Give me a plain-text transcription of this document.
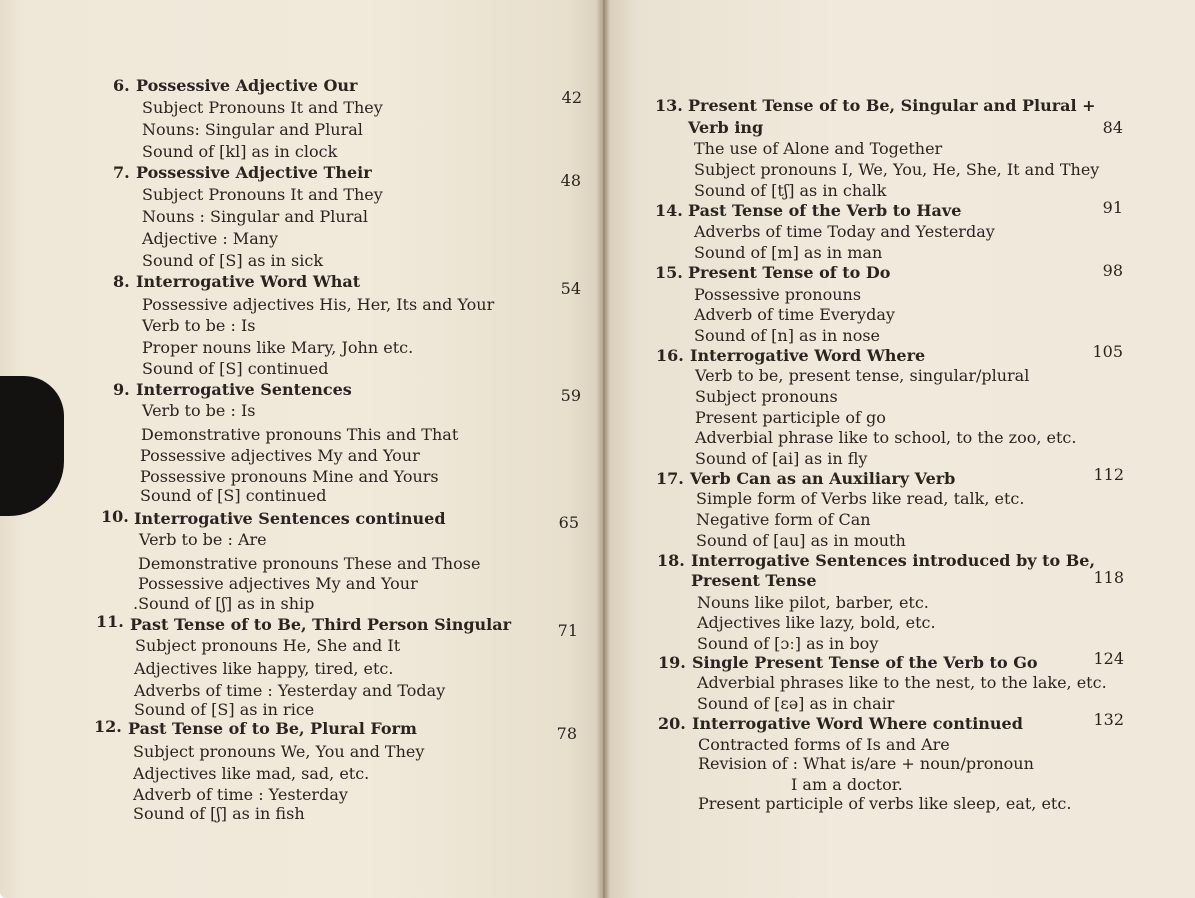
6. Possessive Adjective Our
42
Subject Pronouns It and They
Nouns: Singular and Plural
Sound of [kl] as in clock
7. Possessive Adjective Their	48
Subject Pronouns It and They
Nouns : Singular and Plural
Adjective : Many
Sound of [S] as in sick
8. Interrogative Word What	54
Possessive adjectives His, Her, Its and Your
Verb to be : Is
Proper nouns like Mary, John etc.
Sound of [S] continued
9. Interrogative Sentences	59
Verb to be : Is
Demonstrative pronouns This and That
Possessive adjectives My and Your
Possessive pronouns Mine and Yours
Sound of [S] continued
10. Interrogative Sentences continued	65
Verb to be : Are
Demonstrative pronouns These and Those
Possessive adjectives My and Your
.Sound of [ʃ] as in ship
11. Past Tense of to Be, Third Person Singular	71
Subject pronouns He, She and It
Adjectives like happy, tired, etc.
Adverbs of time : Yesterday and Today
Sound of [S] as in rice
12. Past Tense of to Be, Plural Form	78
Subject pronouns We, You and They
Adjectives like mad, sad, etc.
Adverb of time : Yesterday
Sound of [ʃ] as in fish
13. Present Tense of to Be, Singular and Plural +
Verb ing	84
The use of Alone and Together
Subject pronouns I, We, You, He, She, It and They
Sound of [tʃ] as in chalk
14. Past Tense of the Verb to Have	91
Adverbs of time Today and Yesterday
Sound of [m] as in man
15. Present Tense of to Do	98
Possessive pronouns
Adverb of time Everyday
Sound of [n] as in nose
16. Interrogative Word Where	105
Verb to be, present tense, singular/plural
Subject pronouns
Present participle of go
Adverbial phrase like to school, to the zoo, etc.
Sound of [ai] as in fly
17. Verb Can as an Auxiliary Verb	112
Simple form of Verbs like read, talk, etc.
Negative form of Can
Sound of [au] as in mouth
18. Interrogative Sentences introduced by to Be,
Present Tense	118
Nouns like pilot, barber, etc.
Adjectives like lazy, bold, etc.
Sound of [ɔː] as in boy
19. Single Present Tense of the Verb to Go	124
Adverbial phrases like to the nest, to the lake, etc.
Sound of [ɛə] as in chair
20. Interrogative Word Where continued	132
Contracted forms of Is and Are
Revision of : What is/are + noun/pronoun
I am a doctor.
Present participle of verbs like sleep, eat, etc.
